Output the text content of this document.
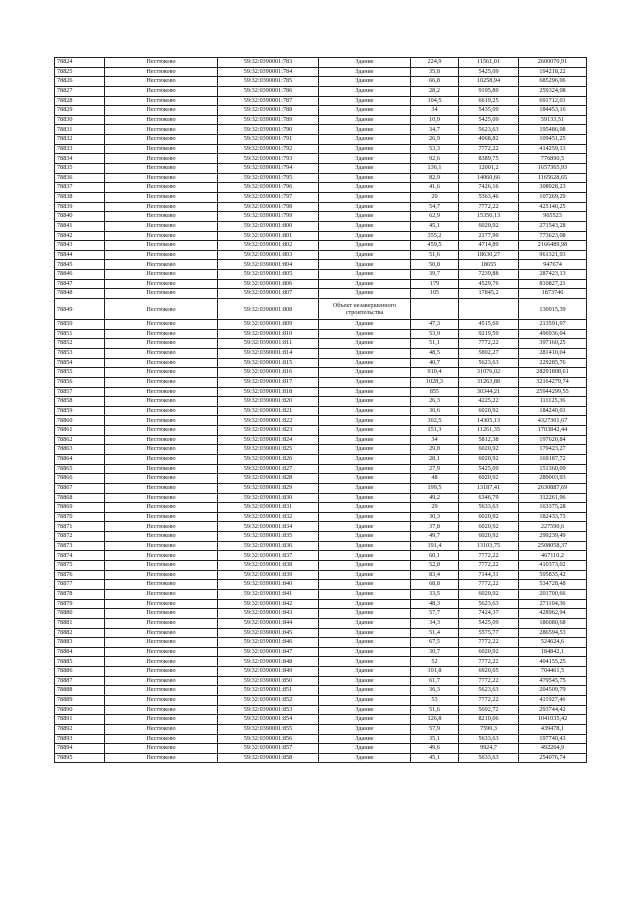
78824	Нестюково	59:32:0390001:783	Здание	224,9	11561,01	2600070,91
78825	Нестюково	59:32:0390001:784	Здание	35,8	5425,09	194218,22
78826	Нестюково	59:32:0390001:785	Здание	66,8	10258,94	685296,06
78827	Нестюково	59:32:0390001:786	Здание	28,2	9195,89	259324,08
78828	Нестюково	59:32:0390001:787	Здание	104,5	6619,25	691712,01
78829	Нестюково	59:32:0390001:788	Здание	34	5435,09	184453,16
78830	Нестюково	59:32:0390001:789	Здание	10,9	5425,09	59133,51
78831	Нестюково	59:32:0390001:790	Здание	34,7	5623,63	195486,98
78832	Нестюково	59:32:0390001:791	Здание	26,9	4068,82	109451,25
78833	Нестюково	59:32:0390001:792	Здание	53,3	7772,22	414259,13
78834	Нестюково	59:32:0390001:793	Здание	92,6	8389,75	776890,5
78835	Нестюково	59:32:0390001:794	Здание	136,1	12001,2	1657365,93
78836	Нестюково	59:32:0390001:795	Здание	82,9	14060,66	1165628,65
78837	Нестюково	59:32:0390001:796	Здание	41,6	7426,16	308928,23
78838	Нестюково	59:32:0390001:797	Здание	20	5363,46	107269,29
78839	Нестюково	59:32:0390001:798	Здание	54,7	7772,22	425140,25
78840	Нестюково	59:32:0390001:799	Здание	62,9	15350,13	965523
78841	Нестюково	59:32:0390001:800	Здание	45,1	6020,92	271543,28
78842	Нестюково	59:32:0390001:801	Здание	355,2	2177,99	773623,08
78843	Нестюково	59:32:0390001:802	Здание	459,5	4714,89	2166489,98
78844	Нестюково	59:32:0390001:803	Здание	51,6	18630,27	961321,93
78845	Нестюково	59:32:0390001:804	Здание	50,8	18655	947674
78846	Нестюково	59:32:0390001:805	Здание	39,7	7239,88	287423,13
78847	Нестюково	59:32:0390001:806	Здание	179	4529,76	810827,21
78848	Нестюково	59:32:0390001:807	Здание	105	17845,2	1873746
78849	Нестюково	59:32:0390001:808	Объект незавершенного строительства			130915,39
78850	Нестюково	59:32:0390001:809	Здание	47,3	4515,69	213591,97
78851	Нестюково	59:32:0390001:810	Здание	53,9	9219,59	496936,04
78852	Нестюково	59:32:0390001:811	Здание	51,1	7772,22	397160,25
78853	Нестюково	59:32:0390001:814	Здание	48,5	5802,27	281410,04
78854	Нестюково	59:32:0390001:815	Здание	40,7	5623,63	229285,76
78855	Нестюково	59:32:0390001:816	Здание	910,4	31076,02	28291808,61
78856	Нестюково	59:32:0390001:817	Здание	1028,3	31263,88	32164279,74
78857	Нестюково	59:32:0390001:818	Здание	855	30344,21	25944299,55
78858	Нестюково	59:32:0390001:820	Здание	26,3	4225,22	111125,36
78859	Нестюково	59:32:0390001:821	Здание	30,6	6020,92	184240,01
78860	Нестюково	59:32:0390001:822	Здание	302,5	14305,13	4327301,67
78861	Нестюково	59:32:0390001:823	Здание	151,3	11261,35	1703842,44
78862	Нестюково	59:32:0390001:824	Здание	34	5812,38	197620,84
78863	Нестюково	59:32:0390001:825	Здание	29,8	6020,92	179423,27
78864	Нестюково	59:32:0390001:826	Здание	28,1	6020,92	169187,72
78865	Нестюково	59:32:0390001:827	Здание	27,9	5425,09	151360,09
78866	Нестюково	59:32:0390001:828	Здание	48	6020,92	289003,93
78867	Нестюково	59:32:0390001:829	Здание	199,5	13187,41	2630887,69
78868	Нестюково	59:32:0390001:830	Здание	49,2	6346,79	312261,96
78869	Нестюково	59:32:0390001:831	Здание	29	5633,63	163375,28
78870	Нестюково	59:32:0390001:832	Здание	30,3	6020,92	182433,73
78871	Нестюково	59:32:0390001:834	Здание	37,8	6020,92	227590,6
78872	Нестюково	59:32:0390001:835	Здание	49,7	6020,92	299239,49
78873	Нестюково	59:32:0390001:836	Здание	191,4	13103,75	2508058,37
78874	Нестюково	59:32:0390001:837	Здание	60,1	7772,22	467110,2
78875	Нестюково	59:32:0390001:838	Здание	52,8	7772,22	410373,02
78876	Нестюково	59:32:0390001:839	Здание	83,4	7144,31	595835,42
78877	Нестюково	59:32:0390001:840	Здание	68,8	7772,22	534728,48
78878	Нестюково	59:32:0390001:841	Здание	33,5	6020,92	201700,66
78879	Нестюково	59:32:0390001:842	Здание	48,3	5623,63	271104,36
78880	Нестюково	59:32:0390001:843	Здание	57,7	7424,37	428962,94
78881	Нестюково	59:32:0390001:844	Здание	34,3	5425,09	186080,68
78882	Нестюково	59:32:0390001:845	Здание	51,4	5575,77	286594,53
78883	Нестюково	59:32:0390001:846	Здание	67,5	7772,22	524624,6
78884	Нестюково	59:32:0390001:847	Здание	30,7	6020,92	184842,1
78885	Нестюково	59:32:0390001:848	Здание	52	7772,22	404155,25
78886	Нестюково	59:32:0390001:849	Здание	101,8	6920,05	704461,5
78887	Нестюково	59:32:0390001:850	Здание	61,7	7772,22	479545,75
78888	Нестюково	59:32:0390001:851	Здание	36,3	5623,63	204509,79
78889	Нестюково	59:32:0390001:852	Здание	53	7772,22	411927,46
78890	Нестюково	59:32:0390001:853	Здание	51,6	5692,72	293744,42
78891	Нестюково	59:32:0390001:854	Здание	126,8	8210,06	1041035,42
78892	Нестюково	59:32:0390001:855	Здание	57,9	7590,3	439478,1
78893	Нестюково	59:32:0390001:856	Здание	35,1	5633,63	197740,43
78894	Нестюково	59:32:0390001:857	Здание	49,6	9924,7	492264,9
78895	Нестюково	59:32:0390001:858	Здание	45,1	5633,63	254076,74
